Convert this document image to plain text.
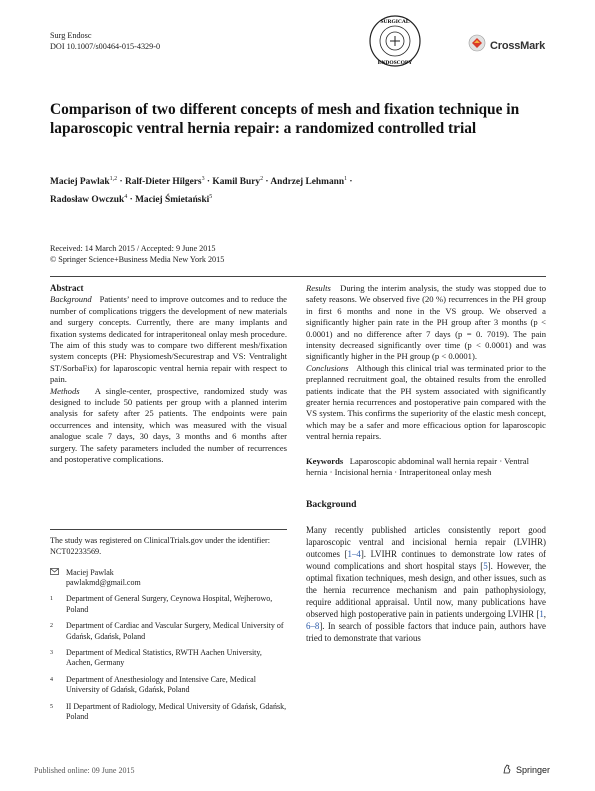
Surg Endosc
DOI 10.1007/s00464-015-4329-0
SURGICAL
ENDOSCOPY
CrossMark
Comparison of two different concepts of mesh and fixation technique in laparoscopic ventral hernia repair: a randomized controlled trial
Maciej Pawlak$^{1,2}$ · Ralf-Dieter Hilgers$^3$ · Kamil Bury$^2$ · Andrzej Lehmann$^1$ ·
Radosław Owczuk$^4$ · Maciej Śmietański$^5$
Received: 14 March 2015 / Accepted: 9 June 2015
© Springer Science+Business Media New York 2015
Abstract

Background Patients’ need to improve outcomes and to reduce the number of complications triggers the development of new materials and surgery concepts. Currently, there are many implants and fixation systems dedicated for intraperitoneal onlay mesh procedure. The aim of this study was to compare two different mesh/fixation system concepts (PH: Physiomesh/Securestrap and VS: Ventralight ST/SorbaFix) for laparoscopic ventral hernia repair with respect to pain.

Methods A single-center, prospective, randomized study was designed to include 50 patients per group with a planned interim analysis for safety after 25 patients. The endpoints were pain occurrences and intensity, which was measured with the visual analogue scale 7 days, 30 days, 3 months and 6 months after surgery. The safety parameters included the number of recurrences and postoperative complications.

The study was registered on ClinicalTrials.gov under the identifier: NCT02233569.
Maciej Pawlak
pawlakmd@gmail.com
1	Department of General Surgery, Ceynowa Hospital, Wejherowo, Poland
2	Department of Cardiac and Vascular Surgery, Medical University of Gdańsk, Gdańsk, Poland
3	Department of Medical Statistics, RWTH Aachen University, Aachen, Germany
4	Department of Anesthesiology and Intensive Care, Medical University of Gdańsk, Gdańsk, Poland
5	II Department of Radiology, Medical University of Gdańsk, Gdańsk, Poland

Results During the interim analysis, the study was stopped due to safety reasons. We observed five (20 %) recurrences in the PH group in first 6 months and none in the VS group. We observed a significantly higher pain rate in the PH group after 3 months (p < 0.0001) and no difference after 7 days (p = 0. 7019). The pain intensity decreased significantly over time (p < 0.0001) and was significantly higher in the PH group (p < 0.0001).

Conclusions Although this clinical trial was terminated prior to the preplanned recruitment goal, the obtained results from the enrolled patients indicate that the PH system associated with significantly greater hernia recurrences and postoperative pain compared with the VS system. This confirms the superiority of the elastic mesh concept, which may be a safer and more efficacious option for laparoscopic ventral hernia repairs.

Keywords Laparoscopic abdominal wall hernia repair · Ventral hernia · Incisional hernia · Intraperitoneal onlay mesh

Background

Many recently published articles consistently report good laparoscopic ventral and incisional hernia repair (LVIHR) outcomes [1–4]. LVIHR continues to demonstrate low rates of wound complications and short hospital stays [5]. However, the optimal fixation techniques, mesh design, and other issues, such as the hernia recurrence mechanism and pain pathophysiology, require additional appraisal. Until now, many publications have observed high postoperative pain in patients undergoing LVIHR [1, 6–8]. In search of possible factors that induce pain, authors have tried to demonstrate that various

Published online: 09 June 2015	Springer
